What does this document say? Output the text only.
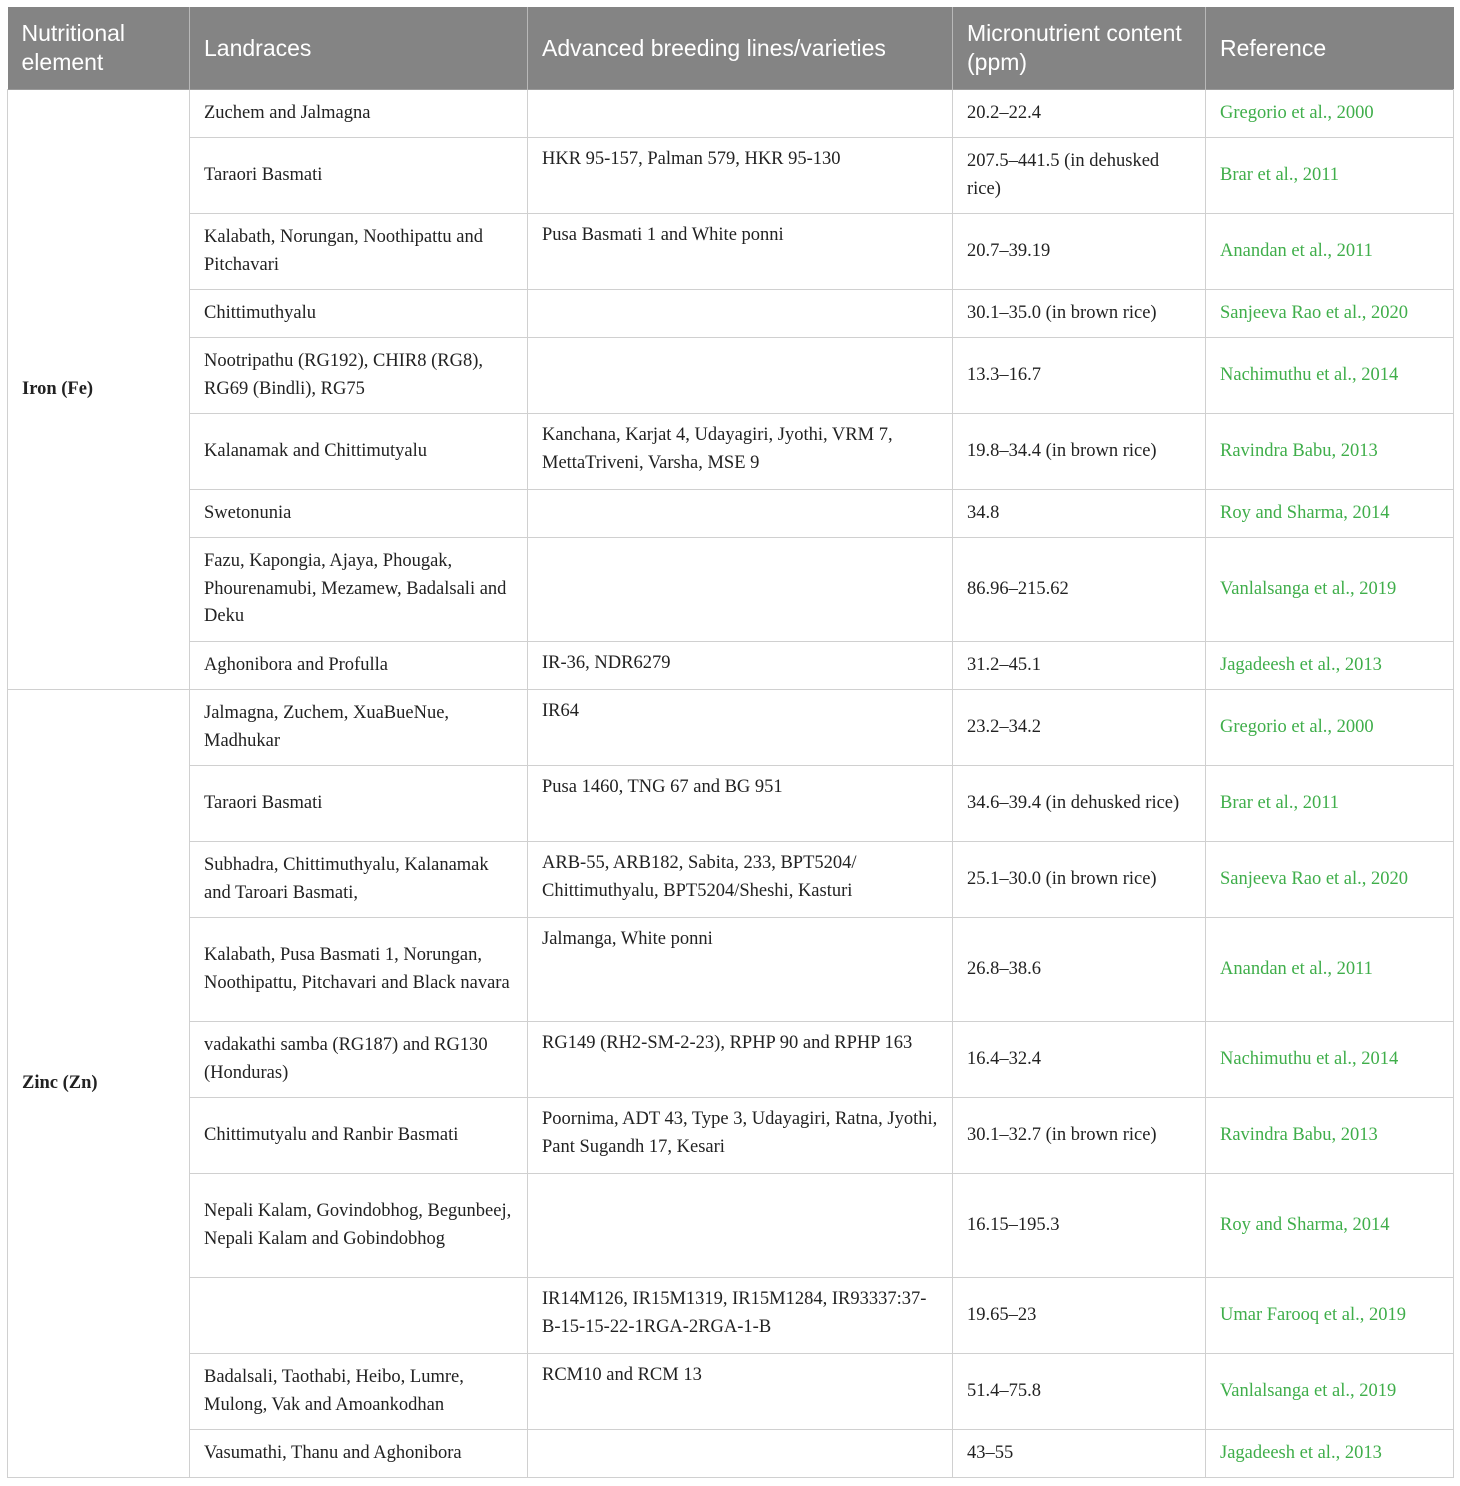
Nutritional element	Landraces	Advanced breeding lines/varieties	Micronutrient content (ppm)	Reference
Iron (Fe)	Zuchem and Jalmagna		20.2–22.4	Gregorio et al., 2000
	Taraori Basmati	HKR 95-157, Palman 579, HKR 95-130	207.5–441.5 (in dehusked rice)	Brar et al., 2011
	Kalabath, Norungan, Noothipattu and Pitchavari	Pusa Basmati 1 and White ponni	20.7–39.19	Anandan et al., 2011
	Chittimuthyalu		30.1–35.0 (in brown rice)	Sanjeeva Rao et al., 2020
	Nootripathu (RG192), CHIR8 (RG8), RG69 (Bindli), RG75		13.3–16.7	Nachimuthu et al., 2014
	Kalanamak and Chittimutyalu	Kanchana, Karjat 4, Udayagiri, Jyothi, VRM 7, MettaTriveni, Varsha, MSE 9	19.8–34.4 (in brown rice)	Ravindra Babu, 2013
	Swetonunia		34.8	Roy and Sharma, 2014
	Fazu, Kapongia, Ajaya, Phougak, Phourenamubi, Mezamew, Badalsali and Deku		86.96–215.62	Vanlalsanga et al., 2019
	Aghonibora and Profulla	IR-36, NDR6279	31.2–45.1	Jagadeesh et al., 2013
Zinc (Zn)	Jalmagna, Zuchem, XuaBueNue, Madhukar	IR64	23.2–34.2	Gregorio et al., 2000
	Taraori Basmati	Pusa 1460, TNG 67 and BG 951	34.6–39.4 (in dehusked rice)	Brar et al., 2011
	Subhadra, Chittimuthyalu, Kalanamak and Taroari Basmati,	ARB-55, ARB182, Sabita, 233, BPT5204/ Chittimuthyalu, BPT5204/Sheshi, Kasturi	25.1–30.0 (in brown rice)	Sanjeeva Rao et al., 2020
	Kalabath, Pusa Basmati 1, Norungan, Noothipattu, Pitchavari and Black navara	Jalmanga, White ponni	26.8–38.6	Anandan et al., 2011
	vadakathi samba (RG187) and RG130 (Honduras)	RG149 (RH2-SM-2-23), RPHP 90 and RPHP 163	16.4–32.4	Nachimuthu et al., 2014
	Chittimutyalu and Ranbir Basmati	Poornima, ADT 43, Type 3, Udayagiri, Ratna, Jyothi, Pant Sugandh 17, Kesari	30.1–32.7 (in brown rice)	Ravindra Babu, 2013
	Nepali Kalam, Govindobhog, Begunbeej, Nepali Kalam and Gobindobhog		16.15–195.3	Roy and Sharma, 2014
		IR14M126, IR15M1319, IR15M1284, IR93337:37-B-15-15-22-1RGA-2RGA-1-B	19.65–23	Umar Farooq et al., 2019
	Badalsali, Taothabi, Heibo, Lumre, Mulong, Vak and Amoankodhan	RCM10 and RCM 13	51.4–75.8	Vanlalsanga et al., 2019
	Vasumathi, Thanu and Aghonibora		43–55	Jagadeesh et al., 2013
